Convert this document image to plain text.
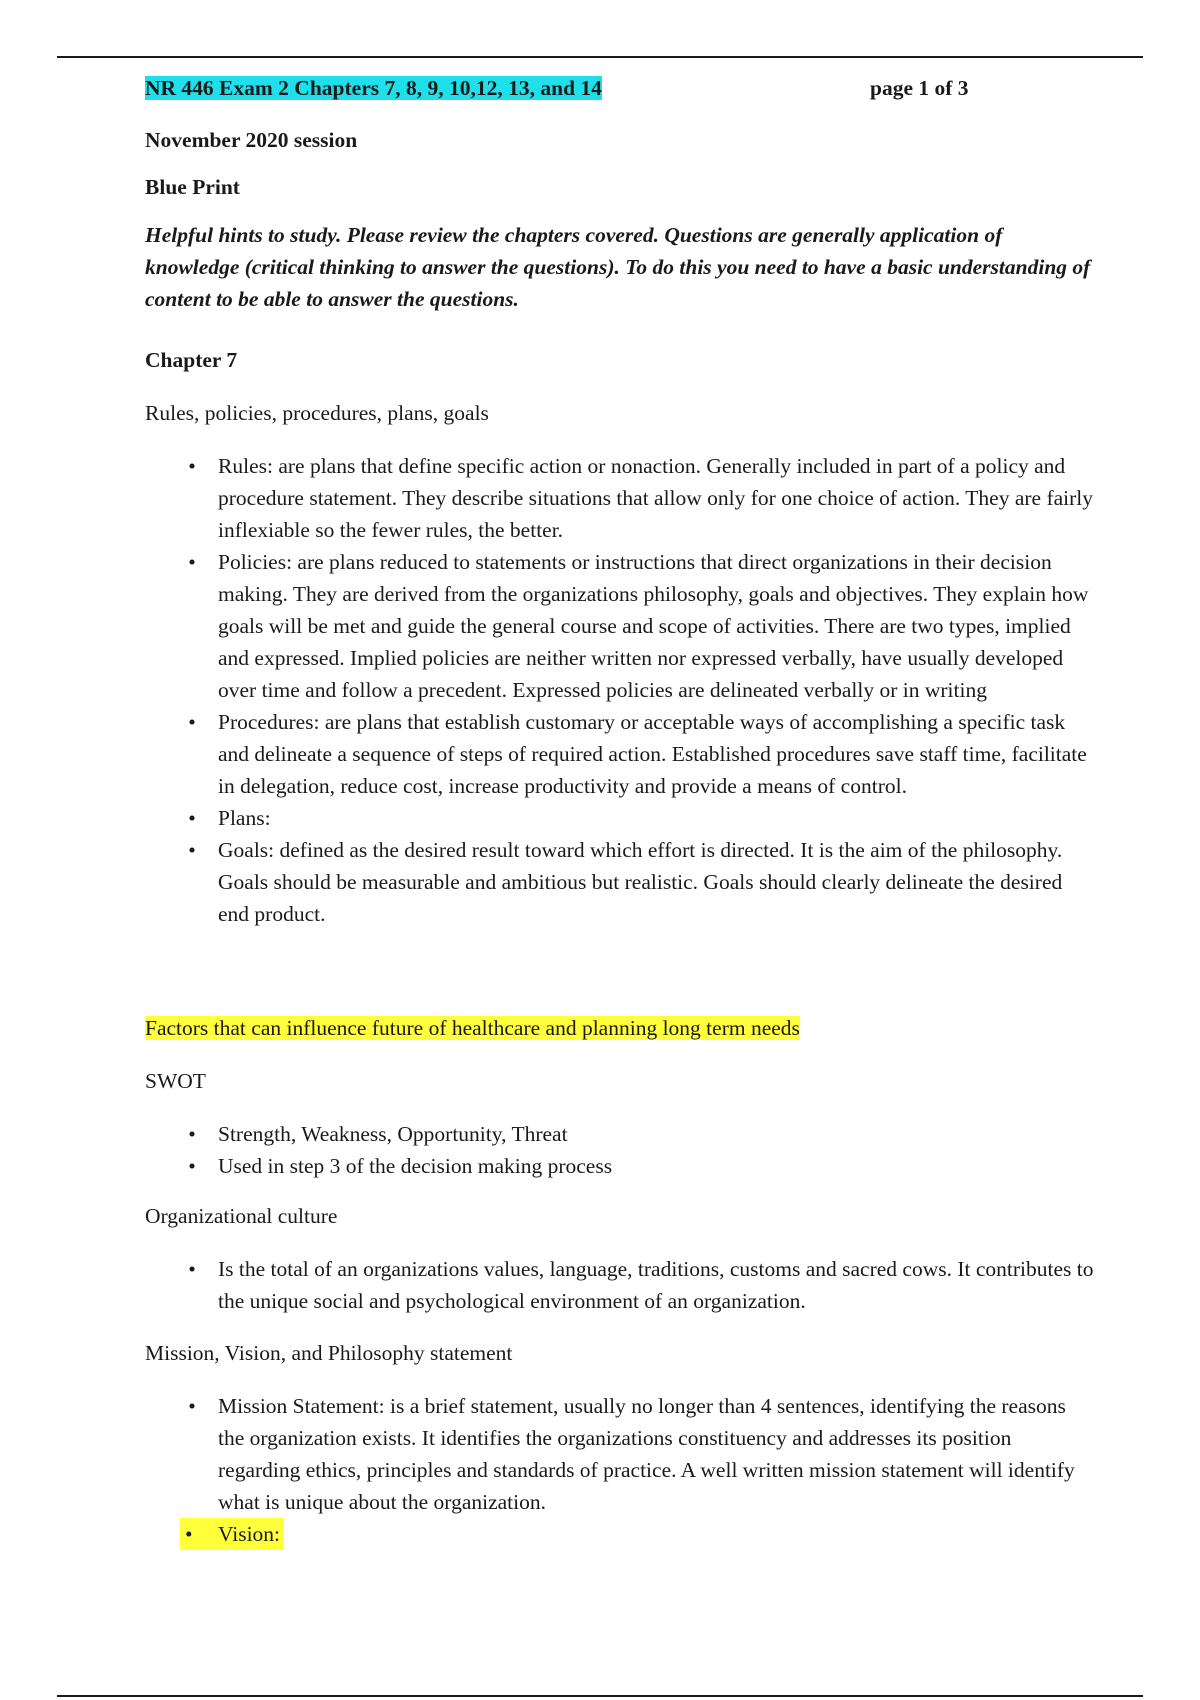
NR 446 Exam 2 Chapters 7, 8, 9, 10,12, 13, and 14	page 1 of 3
November 2020 session
Blue Print

Helpful hints to study. Please review the chapters covered. Questions are generally application of knowledge (critical thinking to answer the questions). To do this you need to have a basic understanding of content to be able to answer the questions.

Chapter 7
Rules, policies, procedures, plans, goals
• Rules: are plans that define specific action or nonaction. Generally included in part of a policy and procedure statement. They describe situations that allow only for one choice of action. They are fairly inflexiable so the fewer rules, the better.
• Policies: are plans reduced to statements or instructions that direct organizations in their decision making. They are derived from the organizations philosophy, goals and objectives. They explain how goals will be met and guide the general course and scope of activities. There are two types, implied and expressed. Implied policies are neither written nor expressed verbally, have usually developed over time and follow a precedent. Expressed policies are delineated verbally or in writing
• Procedures: are plans that establish customary or acceptable ways of accomplishing a specific task and delineate a sequence of steps of required action. Established procedures save staff time, facilitate in delegation, reduce cost, increase productivity and provide a means of control.
• Plans:
• Goals: defined as the desired result toward which effort is directed. It is the aim of the philosophy. Goals should be measurable and ambitious but realistic. Goals should clearly delineate the desired end product.
Factors that can influence future of healthcare and planning long term needs
SWOT
• Strength, Weakness, Opportunity, Threat
• Used in step 3 of the decision making process
Organizational culture
• Is the total of an organizations values, language, traditions, customs and sacred cows. It contributes to the unique social and psychological environment of an organization.
Mission, Vision, and Philosophy statement
• Mission Statement: is a brief statement, usually no longer than 4 sentences, identifying the reasons the organization exists. It identifies the organizations constituency and addresses its position regarding ethics, principles and standards of practice. A well written mission statement will identify what is unique about the organization.
• Vision:
